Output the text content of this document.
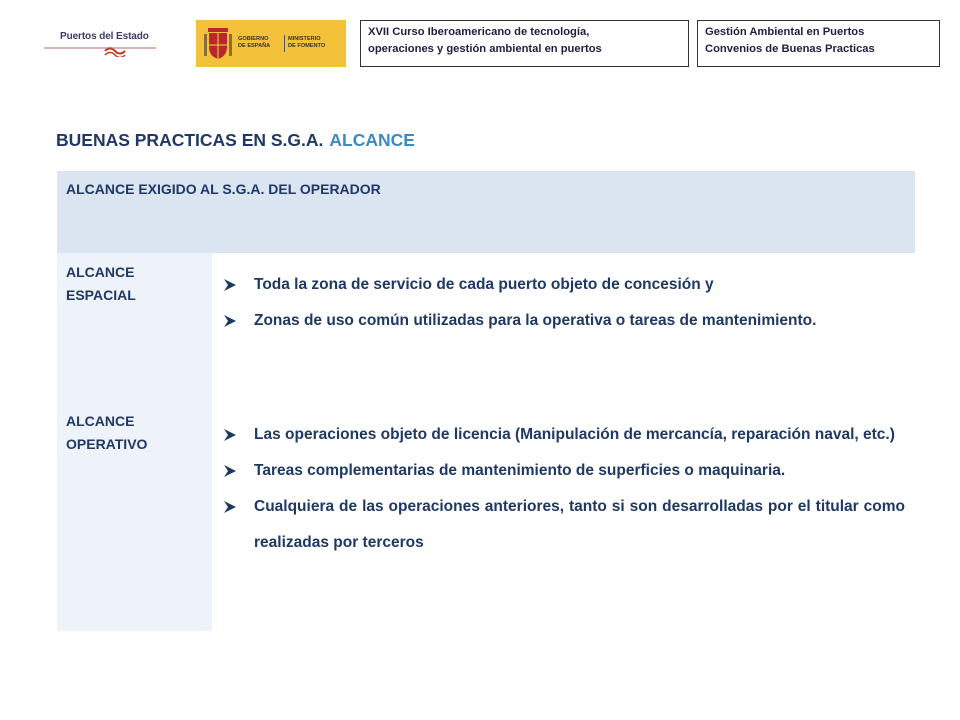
Puertos del Estado	GOBIERNO
DE ESPAÑA
MINISTERIO
DE FOMENTO
XVII Curso Iberoamericano de tecnología,
operaciones y gestión ambiental en puertos
Gestión Ambiental en Puertos
Convenios de Buenas Practicas
BUENAS PRACTICAS EN S.G.A. ALCANCE
ALCANCE EXIGIDO AL S.G.A. DEL OPERADOR
ALCANCE
ESPACIAL
ALCANCE
OPERATIVO
Toda la zona de servicio de cada puerto objeto de concesión y
Zonas de uso común utilizadas para la operativa o tareas de mantenimiento.
Las operaciones objeto de licencia (Manipulación de mercancía, reparación naval, etc.)
Tareas complementarias de mantenimiento de superficies o maquinaria.
Cualquiera de las operaciones anteriores, tanto si son desarrolladas por el titular como realizadas por terceros
